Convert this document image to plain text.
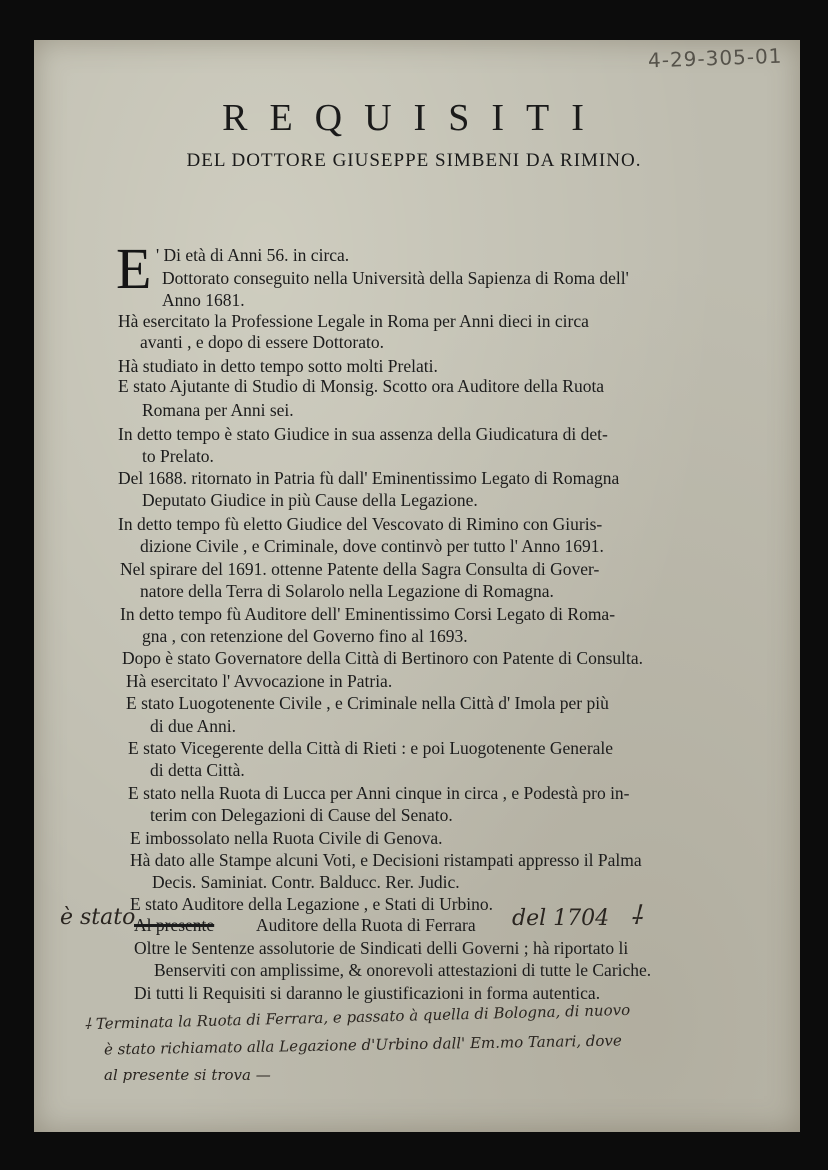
4-29-305-01
REQUISITI
DEL DOTTORE GIUSEPPE SIMBENI DA RIMINO.
E ' Di età di Anni 56. in circa.
Dottorato conseguito nella Università della Sapienza di Roma dell'
Anno 1681.
Hà esercitato la Professione Legale in Roma per Anni dieci in circa
avanti , e dopo di essere Dottorato.
Hà studiato in detto tempo sotto molti Prelati.
E stato Ajutante di Studio di Monsig. Scotto ora Auditore della Ruota
Romana per Anni sei.
In detto tempo è stato Giudice in sua assenza della Giudicatura di det-
to Prelato.
Del 1688. ritornato in Patria fù dall' Eminentissimo Legato di Romagna
Deputato Giudice in più Cause della Legazione.
In detto tempo fù eletto Giudice del Vescovato di Rimino con Giuris-
dizione Civile , e Criminale, dove continvò per tutto l' Anno 1691.
Nel spirare del 1691. ottenne Patente della Sagra Consulta di Gover-
natore della Terra di Solarolo nella Legazione di Romagna.
In detto tempo fù Auditore dell' Eminentissimo Corsi Legato di Roma-
gna , con retenzione del Governo fino al 1693.
Dopo è stato Governatore della Città di Bertinoro con Patente di Consulta.
Hà esercitato l' Avvocazione in Patria.
E stato Luogotenente Civile , e Criminale nella Città d' Imola per più
di due Anni.
E stato Vicegerente della Città di Rieti : e poi Luogotenente Generale
di detta Città.
E stato nella Ruota di Lucca per Anni cinque in circa , e Podestà pro in-
terim con Delegazioni di Cause del Senato.
E imbossolato nella Ruota Civile di Genova.
Hà dato alle Stampe alcuni Voti, e Decisioni ristampati appresso il Palma
Decis. Saminiat. Contr. Balducc. Rer. Judic.
E stato Auditore della Legazione , e Stati di Urbino.
è stato
Al presente Auditore della Ruota di Ferrara del 1704 ⸸
Oltre le Sentenze assolutorie de Sindicati delli Governi ; hà riportato li
Benserviti con amplissime, & onorevoli attestazioni di tutte le Cariche.
Di tutti li Requisiti si daranno le giustificazioni in forma autentica.
⸸ Terminata la Ruota di Ferrara, e passato à quella di Bologna, di nuovo
è stato richiamato alla Legazione d'Urbino dall' Em.mo Tanari, dove
al presente si trova —
